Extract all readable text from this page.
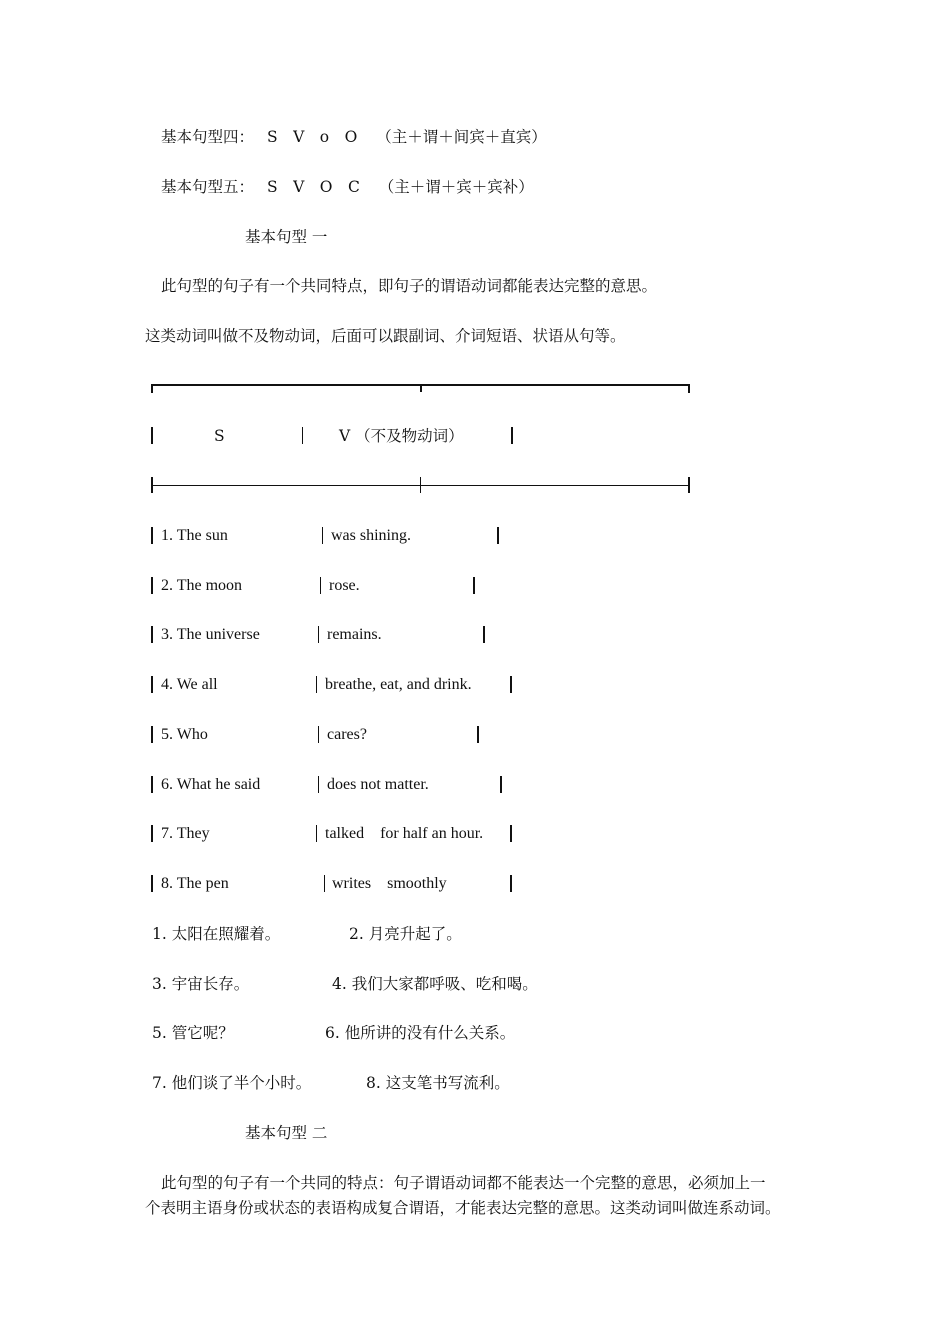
基本句型四： S　V　o　O （主＋谓＋间宾＋直宾）
基本句型五： S　V　O　C （主＋谓＋宾＋宾补）
基本句型 一
此句型的句子有一个共同特点，即句子的谓语动词都能表达完整的意思。
这类动词叫做不及物动词，后面可以跟副词、介词短语、状语从句等。
S	V （不及物动词）
1. The sun	was shining.
2. The moon	rose.
3. The universe	remains.
4. We all	breathe, eat, and drink.
5. Who	cares?
6. What he said	does not matter.
7. They	talked　for half an hour.
8. The pen	writes　smoothly
1. 太阳在照耀着。	2. 月亮升起了。
3. 宇宙长存。	4. 我们大家都呼吸、吃和喝。
5. 管它呢？	6. 他所讲的没有什么关系。
7. 他们谈了半个小时。	8. 这支笔书写流利。
基本句型 二
此句型的句子有一个共同的特点：句子谓语动词都不能表达一个完整的意思，必须加上一
个表明主语身份或状态的表语构成复合谓语，才能表达完整的意思。这类动词叫做连系动词。
